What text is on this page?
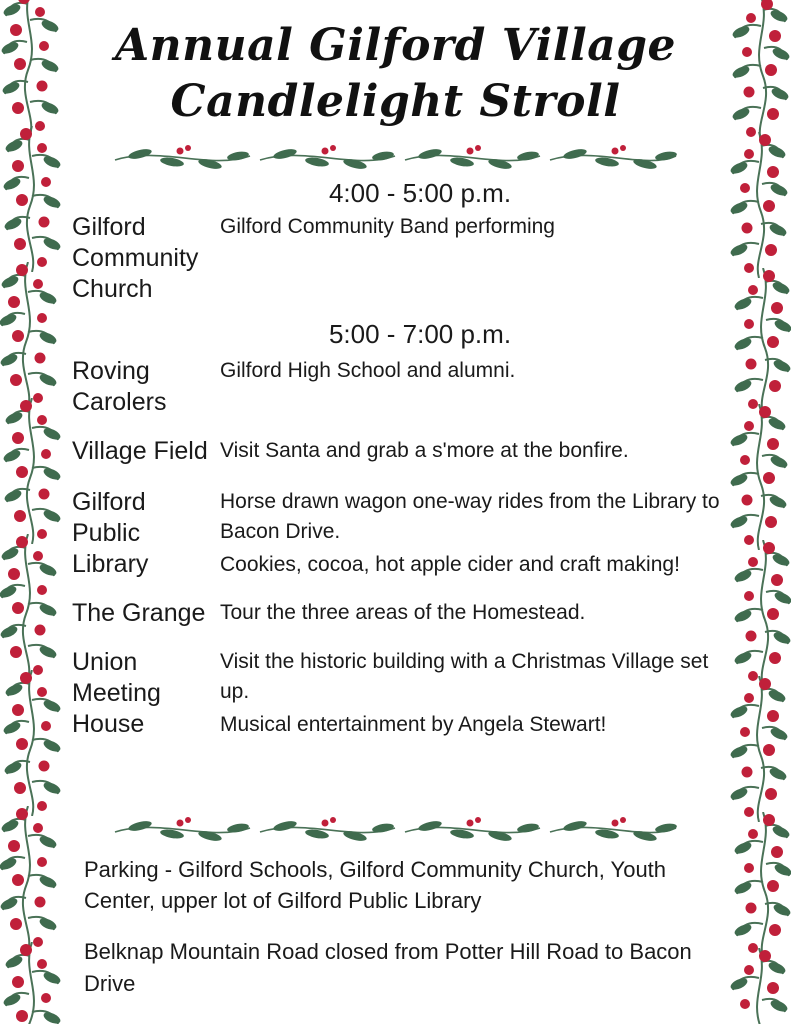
Annual Gilford Village
Candlelight Stroll
4:00 - 5:00 p.m.
Gilford Community Church

Gilford Community Band performing

5:00 - 7:00 p.m.
Roving Carolers

Gilford High School and alumni.

Village Field Visit Santa and grab a s'more at the bonfire.

Gilford Public Library

Horse drawn wagon one-way rides from the Library to Bacon Drive.

Cookies, cocoa, hot apple cider and craft making!

The Grange Tour the three areas of the Homestead.

Union Meeting House

Visit the historic building with a Christmas Village set up.

Musical entertainment by Angela Stewart!

Parking - Gilford Schools, Gilford Community Church, Youth Center, upper lot of Gilford Public Library

Belknap Mountain Road closed from Potter Hill Road to Bacon Drive
